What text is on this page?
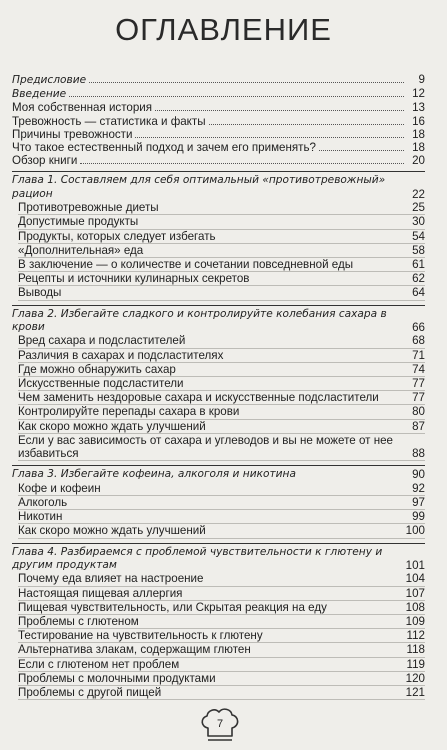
ОГЛАВЛЕНИЕ
Предисловие	9
Введение	12
Моя собственная история	13
Тревожность — статистика и факты	16
Причины тревожности	18
Что такое естественный подход и зачем его применять?	18
Обзор книги	20
Глава 1. Составляем для себя оптимальный «противотревожный» рацион	22
Противотревожные диеты	25
Допустимые продукты	30
Продукты, которых следует избегать	54
«Дополнительная» еда	58
В заключение — о количестве и сочетании повседневной еды	61
Рецепты и источники кулинарных секретов	62
Выводы	64
Глава 2. Избегайте сладкого и контролируйте колебания сахара в крови	66
Вред сахара и подсластителей	68
Различия в сахарах и подсластителях	71
Где можно обнаружить сахар	74
Искусственные подсластители	77
Чем заменить нездоровые сахара и искусственные подсластители	77
Контролируйте перепады сахара в крови	80
Как скоро можно ждать улучшений	87
Если у вас зависимость от сахара и углеводов и вы не можете от нее избавиться	88
Глава 3. Избегайте кофеина, алкоголя и никотина	90
Кофе и кофеин	92
Алкоголь	97
Никотин	99
Как скоро можно ждать улучшений	100
Глава 4. Разбираемся с проблемой чувствительности к глютену и другим продуктам	101
Почему еда влияет на настроение	104
Настоящая пищевая аллергия	107
Пищевая чувствительность, или Скрытая реакция на еду	108
Проблемы с глютеном	109
Тестирование на чувствительность к глютену	112
Альтернатива злакам, содержащим глютен	118
Если с глютеном нет проблем	119
Проблемы с молочными продуктами	120
Проблемы с другой пищей	121
7
